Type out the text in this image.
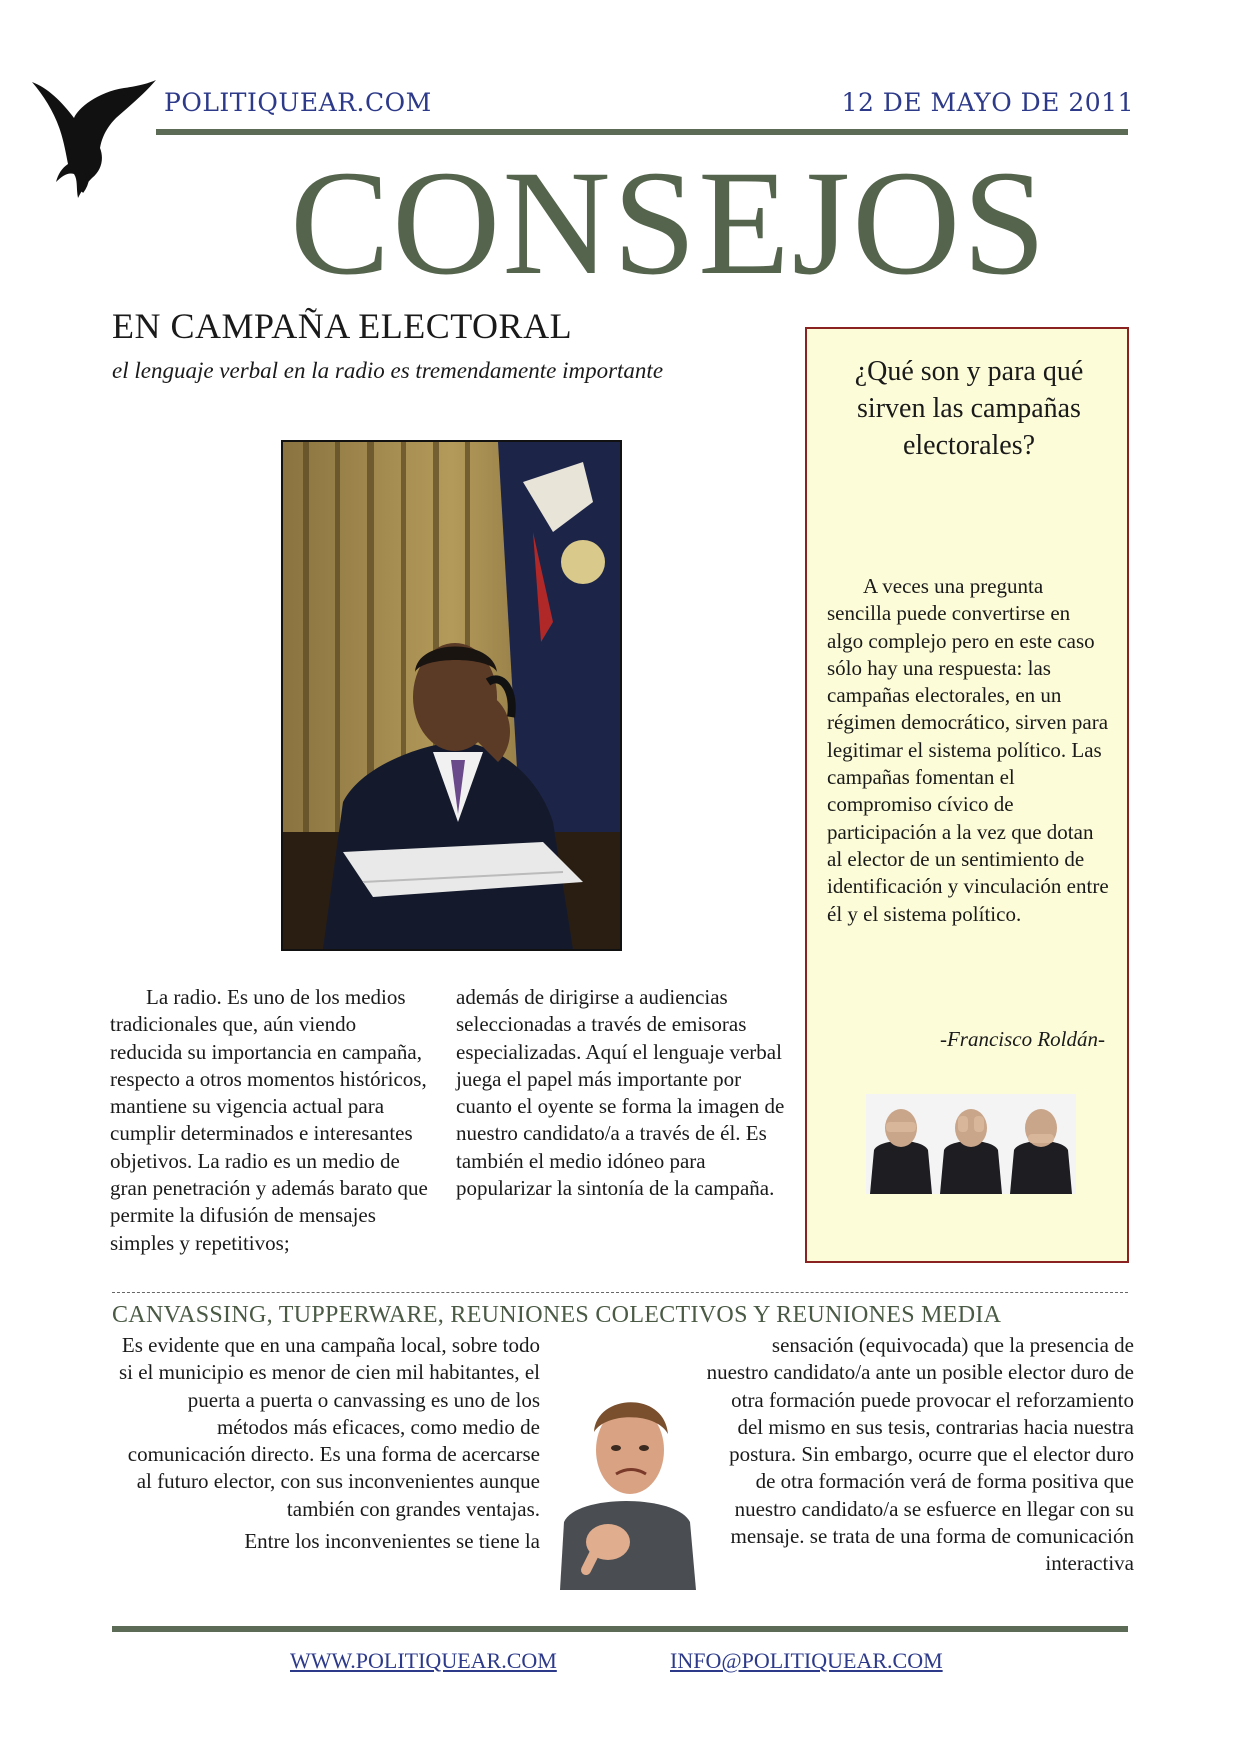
POLITIQUEAR.COM	12 DE MAYO DE 2011
CONSEJOS
EN CAMPAÑA ELECTORAL
el lenguaje verbal en la radio es tremendamente importante

La radio. Es uno de los medios tradicionales que, aún viendo reducida su importancia en campaña, respecto a otros momentos históricos, mantiene su vigencia actual para cumplir determinados e interesantes objetivos. La radio es un medio de gran penetración y además barato que permite la difusión de mensajes simples y repetitivos;

además de dirigirse a audiencias seleccionadas a través de emisoras especializadas. Aquí el lenguaje verbal juega el papel más importante por cuanto el oyente se forma la imagen de nuestro candidato/a a través de él. Es también el medio idóneo para popularizar la sintonía de la campaña.

¿Qué son y para qué sirven las campañas electorales?

A veces una pregunta sencilla puede convertirse en algo complejo pero en este caso sólo hay una respuesta: las campañas electorales, en un régimen democrático, sirven para legitimar el sistema político. Las campañas fomentan el compromiso cívico de participación a la vez que dotan al elector de un sentimiento de identificación y vinculación entre él y el sistema político.

-Francisco Roldán-
CANVASSING, TUPPERWARE, REUNIONES COLECTIVOS Y REUNIONES MEDIA

Es evidente que en una campaña local, sobre todo si el municipio es menor de cien mil habitantes, el puerta a puerta o canvassing es uno de los métodos más eficaces, como medio de comunicación directo. Es una forma de acercarse al futuro elector, con sus inconvenientes aunque también con grandes ventajas.

Entre los inconvenientes se tiene la

sensación (equivocada) que la presencia de nuestro candidato/a ante un posible elector duro de otra formación puede provocar el reforzamiento del mismo en sus tesis, contrarias hacia nuestra postura. Sin embargo, ocurre que el elector duro de otra formación verá de forma positiva que nuestro candidato/a se esfuerce en llegar con su mensaje. se trata de una forma de comunicación interactiva

WWW.POLITIQUEAR.COM	INFO@POLITIQUEAR.COM
